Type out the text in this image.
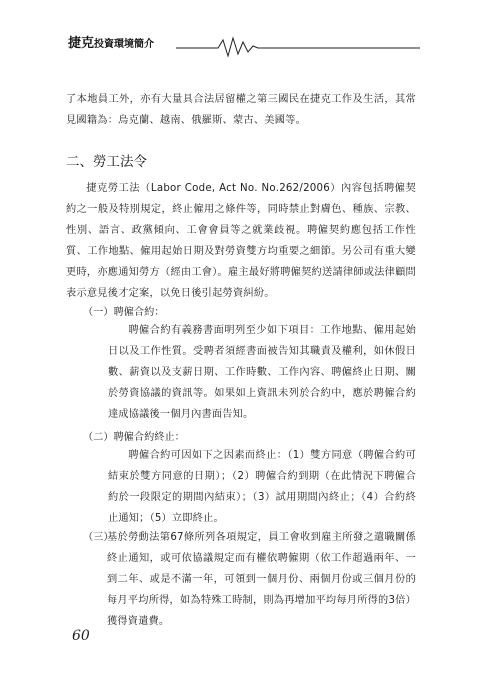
捷克投資環境簡介

了本地員工外，亦有大量具合法居留權之第三國民在捷克工作及生活，其常見國籍為：烏克蘭、越南、俄羅斯、蒙古、美國等。

二、勞工法令

捷克勞工法（Labor Code, Act No. No.262/2006）內容包括聘僱契約之一般及特別規定，終止僱用之條件等，同時禁止對膚色、種族、宗教、性別、語言、政黨傾向、工會會員等之就業歧視。聘僱契約應包括工作性質、工作地點、僱用起始日期及對勞資雙方均重要之細節。另公司有重大變更時，亦應通知勞方（經由工會）。雇主最好將聘僱契約送請律師或法律顧問表示意見後才定案，以免日後引起勞資糾紛。

（一）聘僱合約：

聘僱合約有義務書面明列至少如下項目：工作地點、僱用起始日以及工作性質。受聘者須經書面被告知其職責及權利，如休假日數、薪資以及支薪日期、工作時數、工作內容、聘僱終止日期、關於勞資協議的資訊等。如果如上資訊未列於合約中，應於聘僱合約達成協議後一個月內書面告知。

（二）聘僱合約終止：

聘僱合約可因如下之因素而終止：（1）雙方同意（聘僱合約可結束於雙方同意的日期）；（2）聘僱合約到期（在此情況下聘僱合約於一段限定的期間內結束）；（3）試用期間內終止；（4）合約終止通知；（5）立即終止。

（三）

基於勞動法第67條所列各項規定，員工會收到雇主所發之遣職關係終止通知，或可依協議規定而有權依聘僱期（依工作超過兩年、一到二年、或是不滿一年，可領到一個月份、兩個月份或三個月份的每月平均所得，如為特殊工時制，則為再增加平均每月所得的3倍）獲得資遣費。

60
